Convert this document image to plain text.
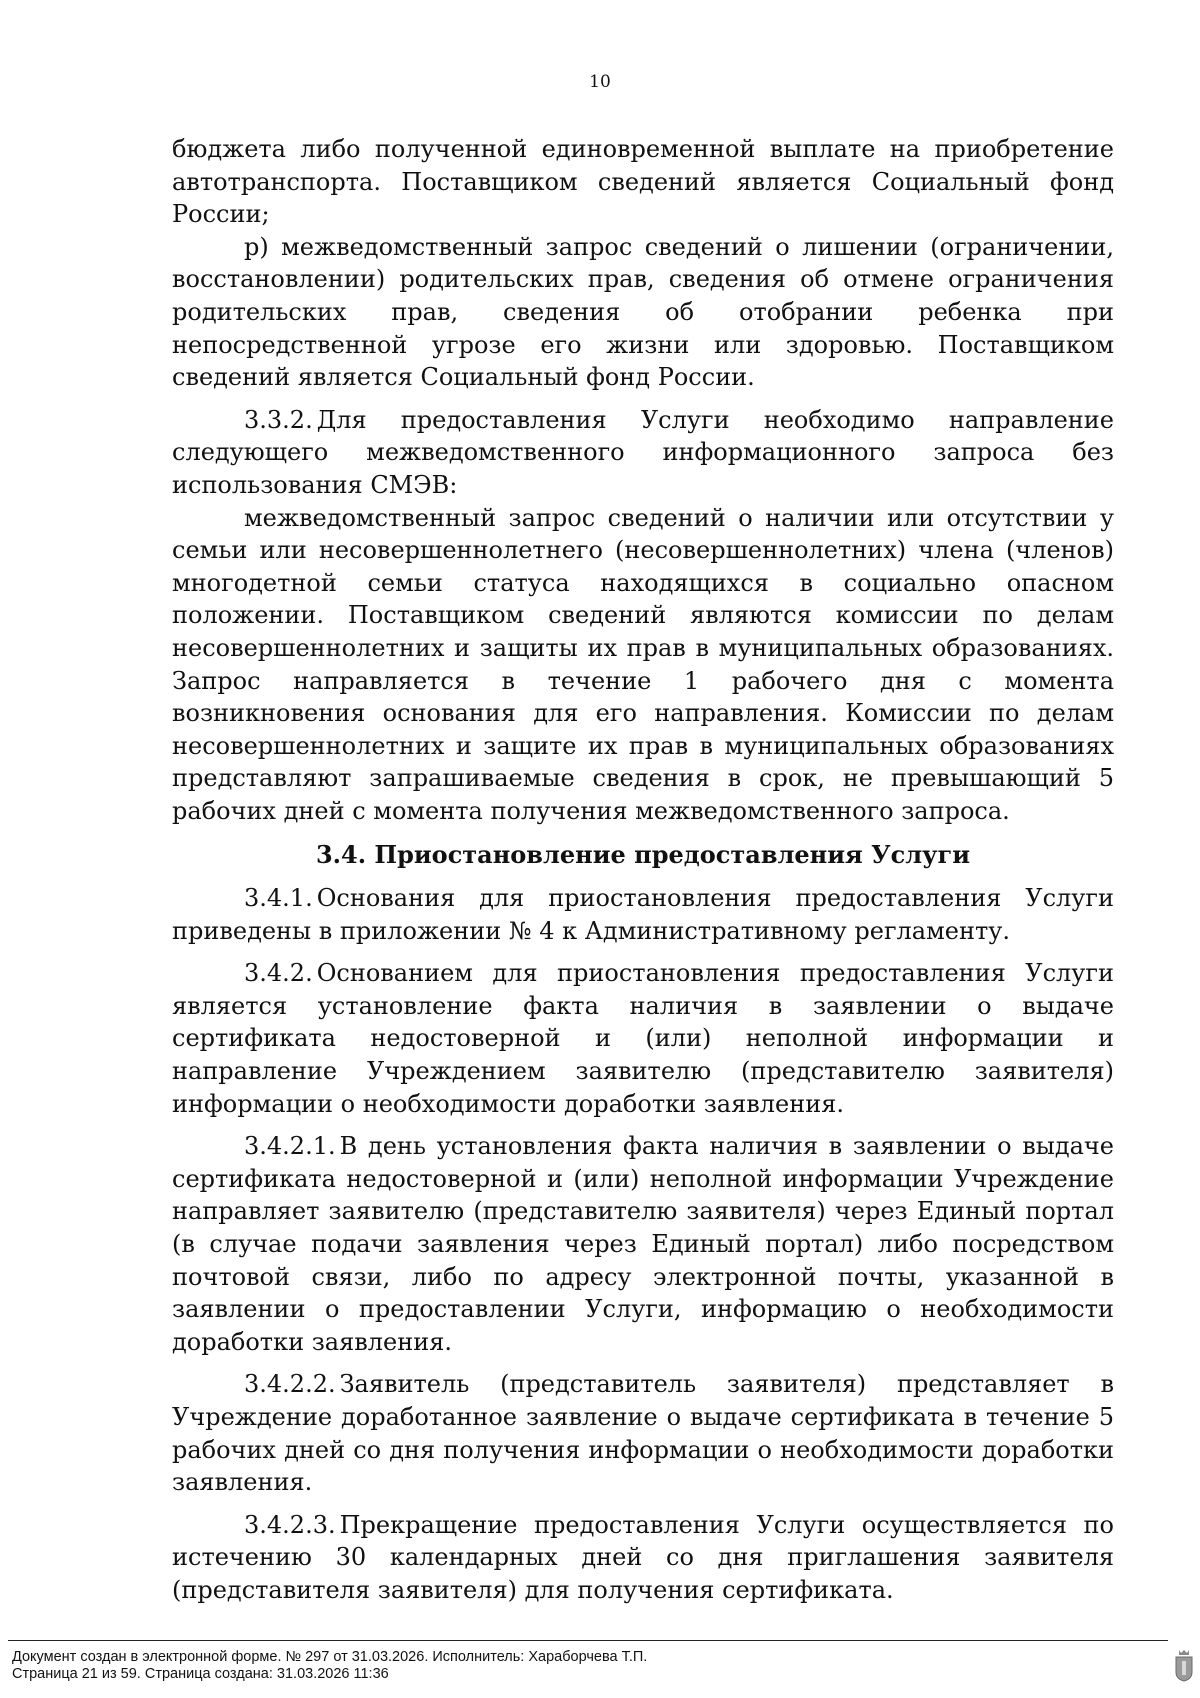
10

бюджета либо полученной единовременной выплате на приобретение автотранспорта. Поставщиком сведений является Социальный фонд России;

р) межведомственный запрос сведений о лишении (ограничении, восстановлении) родительских прав, сведения об отмене ограничения родительских прав, сведения об отобрании ребенка при непосредственной угрозе его жизни или здоровью. Поставщиком сведений является Социальный фонд России.

3.3.2. Для предоставления Услуги необходимо направление следующего межведомственного информационного запроса без использования СМЭВ:

межведомственный запрос сведений о наличии или отсутствии у семьи или несовершеннолетнего (несовершеннолетних) члена (членов) многодетной семьи статуса находящихся в социально опасном положении. Поставщиком сведений являются комиссии по делам несовершеннолетних и защиты их прав в муниципальных образованиях. Запрос направляется в течение 1 рабочего дня с момента возникновения основания для его направления. Комиссии по делам несовершеннолетних и защите их прав в муниципальных образованиях представляют запрашиваемые сведения в срок, не превышающий 5 рабочих дней с момента получения межведомственного запроса.

3.4. Приостановление предоставления Услуги

3.4.1. Основания для приостановления предоставления Услуги приведены в приложении № 4 к Административному регламенту.

3.4.2. Основанием для приостановления предоставления Услуги является установление факта наличия в заявлении о выдаче сертификата недостоверной и (или) неполной информации и направление Учреждением заявителю (представителю заявителя) информации о необходимости доработки заявления.

3.4.2.1. В день установления факта наличия в заявлении о выдаче сертификата недостоверной и (или) неполной информации Учреждение направляет заявителю (представителю заявителя) через Единый портал (в случае подачи заявления через Единый портал) либо посредством почтовой связи, либо по адресу электронной почты, указанной в заявлении о предоставлении Услуги, информацию о необходимости доработки заявления.

3.4.2.2. Заявитель (представитель заявителя) представляет в Учреждение доработанное заявление о выдаче сертификата в течение 5 рабочих дней со дня получения информации о необходимости доработки заявления.

3.4.2.3. Прекращение предоставления Услуги осуществляется по истечению 30 календарных дней со дня приглашения заявителя (представителя заявителя) для получения сертификата.

Документ создан в электронной форме. № 297 от 31.03.2026. Исполнитель: Хараборчева Т.П.
Страница 21 из 59. Страница создана: 31.03.2026 11:36
